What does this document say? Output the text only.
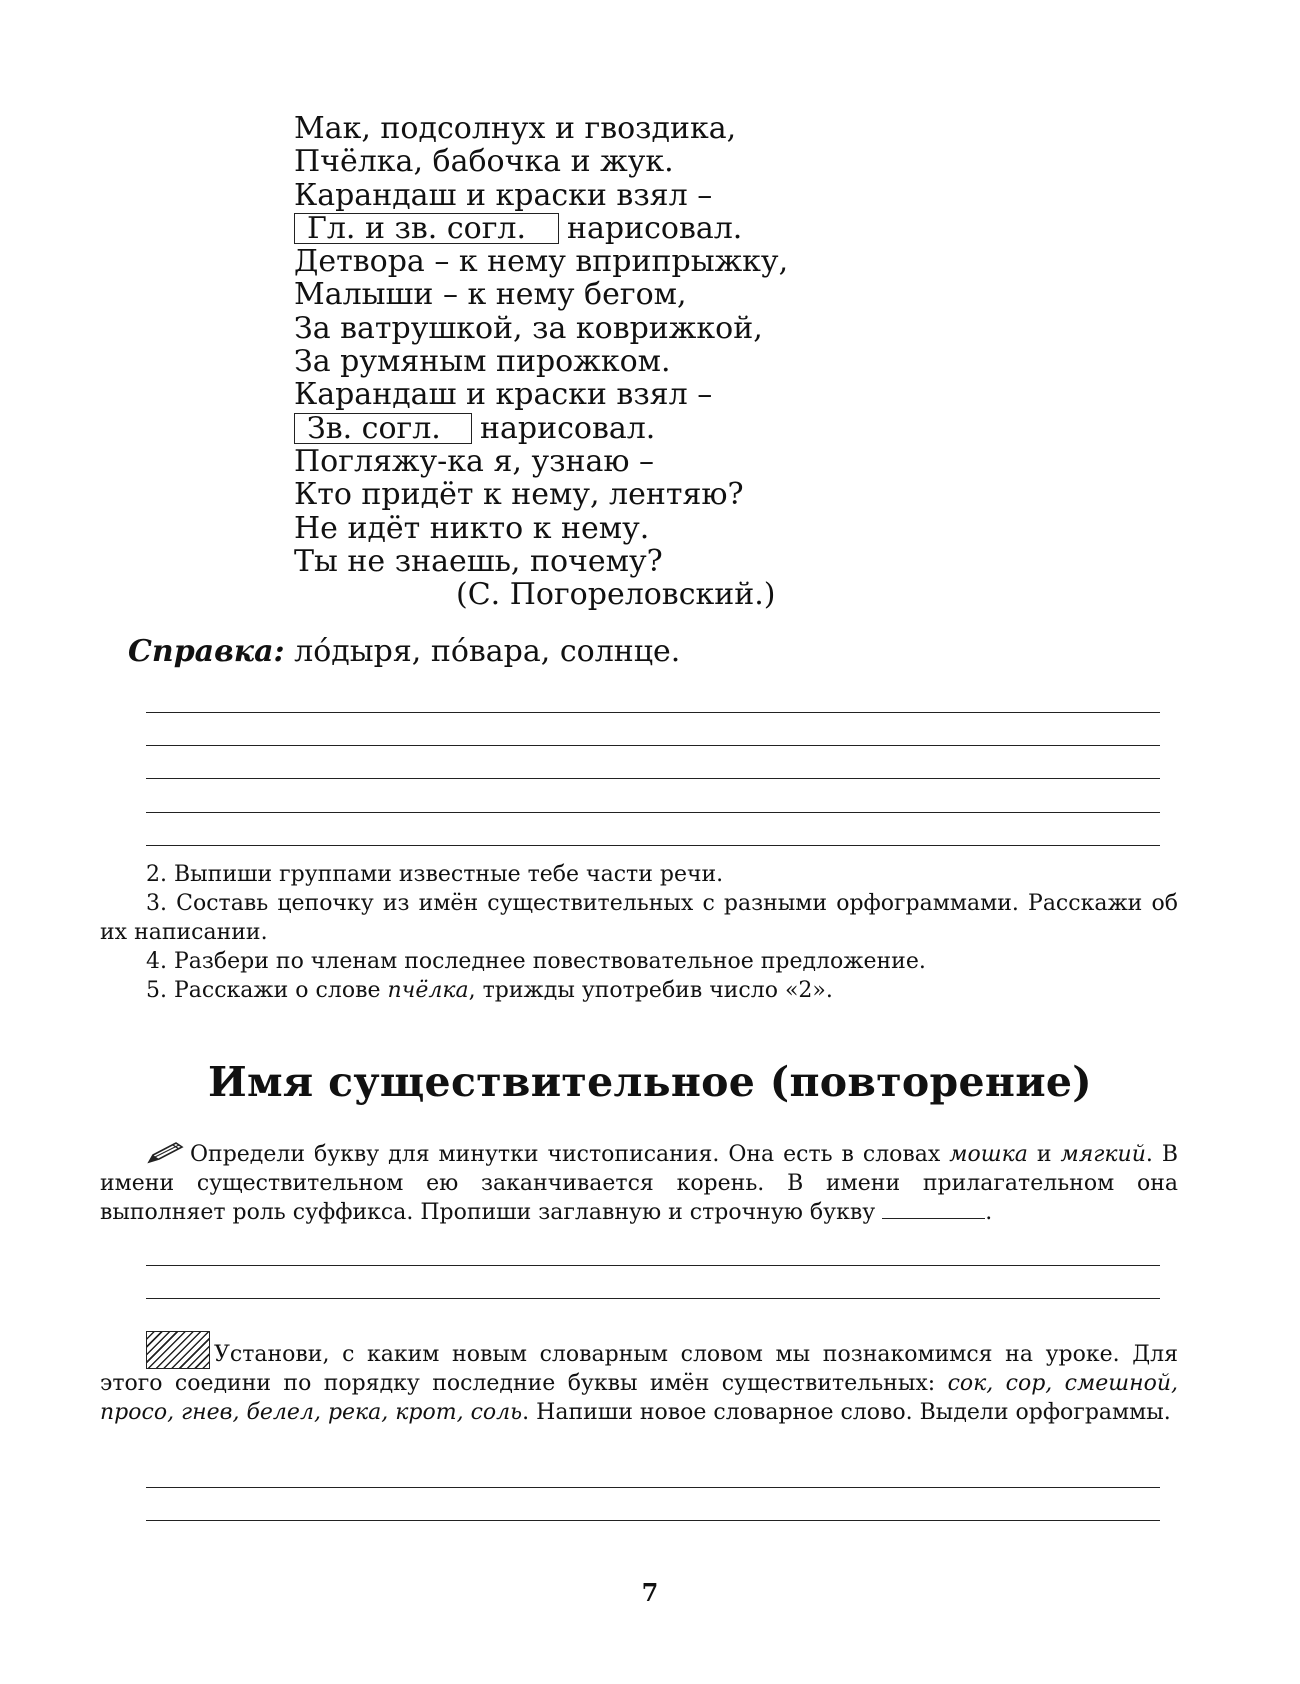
Мак, подсолнух и гвоздика,
Пчёлка, бабочка и жук.
Карандаш и краски взял –
Гл. и зв. согл. нарисовал.
Детвора – к нему вприпрыжку,
Малыши – к нему бегом,
За ватрушкой, за коврижкой,
За румяным пирожком.
Карандаш и краски взял –
Зв. согл. нарисовал.
Погляжу-ка я, узнаю –
Кто придёт к нему, лентяю?
Не идёт никто к нему.
Ты не знаешь, почему?
(С. Погореловский.)
Справка: ло́дыря, по́вара, солнце.

2. Выпиши группами известные тебе части речи.

3. Составь цепочку из имён существительных с разными орфограммами. Расскажи об их написании.

4. Разбери по членам последнее повествовательное предложение.

5. Расскажи о слове пчёлка, трижды употребив число «2».

Имя существительное (повторение)
Определи букву для минутки чистописания. Она есть в словах мошка и мягкий. В имени существительном ею заканчивается корень. В имени прилагательном она выполняет роль суффикса. Пропиши заглавную и строчную букву	.
Установи, с каким новым словарным словом мы познакомимся на уроке. Для этого соедини по порядку последние буквы имён существительных: сок, сор, смешной, просо, гнев, белел, река, крот, соль. Напиши новое словарное слово. Выдели орфограммы.
7
